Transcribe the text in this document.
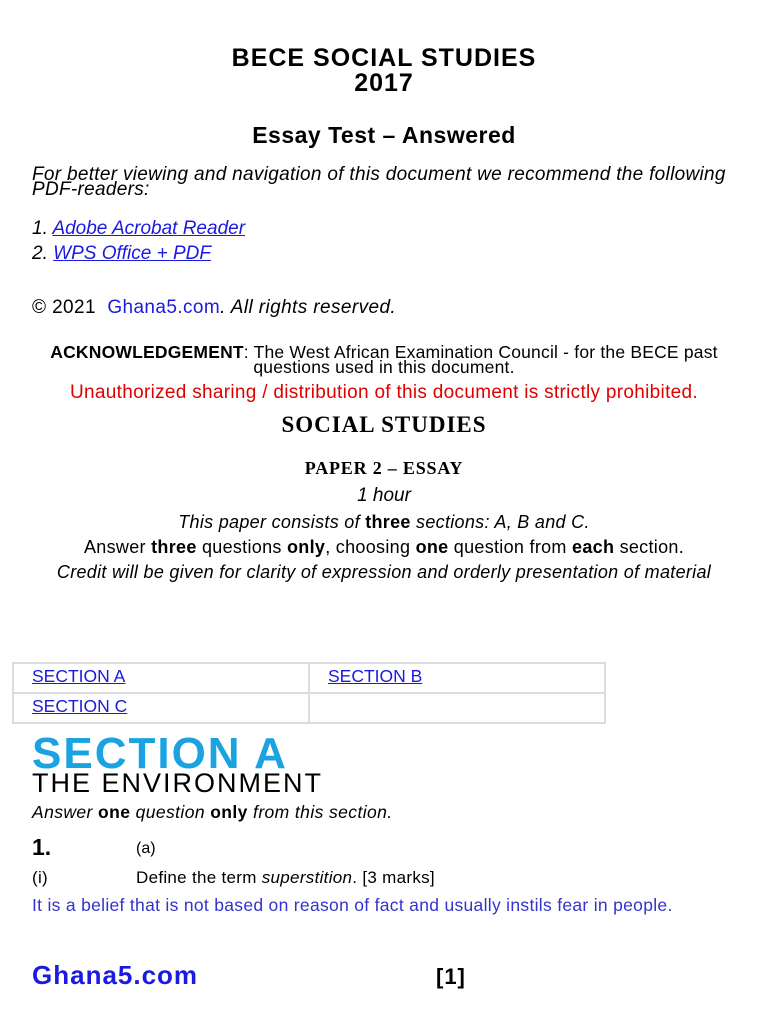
BECE SOCIAL STUDIES
2017
Essay Test – Answered
For better viewing and navigation of this document we recommend the following PDF-readers:
1. Adobe Acrobat Reader
2. WPS Office + PDF
© 2021 Ghana5.com. All rights reserved.
ACKNOWLEDGEMENT: The West African Examination Council - for the BECE past questions used in this document.
Unauthorized sharing / distribution of this document is strictly prohibited.
SOCIAL STUDIES
PAPER 2 – ESSAY
1 hour
This paper consists of three sections: A, B and C.
Answer three questions only, choosing one question from each section.
Credit will be given for clarity of expression and orderly presentation of material
SECTION A	SECTION B
SECTION C	
SECTION A
THE ENVIRONMENT
Answer one question only from this section.
1.	(a)
(i)	Define the term superstition. [3 marks]
It is a belief that is not based on reason of fact and usually instils fear in people.
Ghana5.com	[1]
